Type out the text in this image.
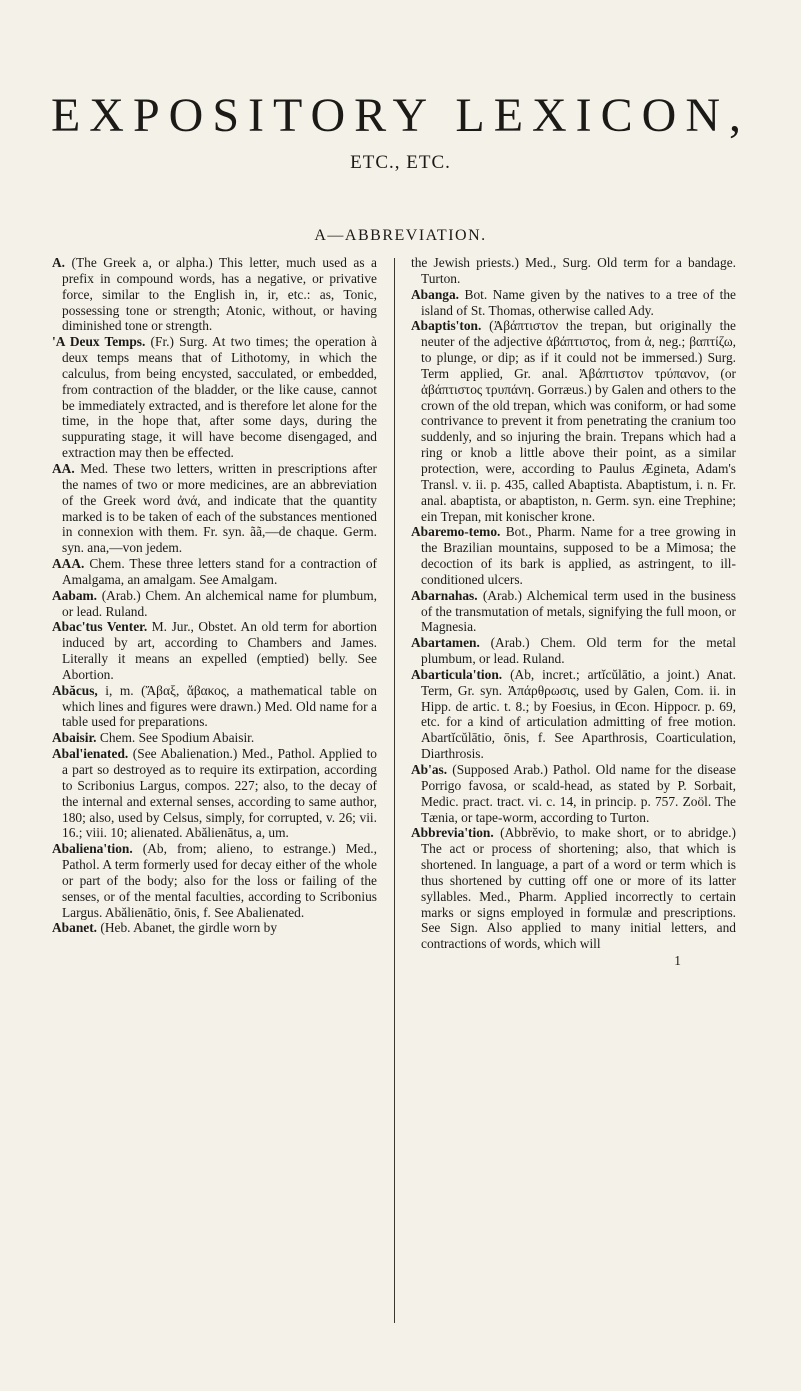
EXPOSITORY LEXICON,
ETC., ETC.
A—ABBREVIATION.

A. (The Greek a, or alpha.) This letter, much used as a prefix in compound words, has a negative, or privative force, similar to the English in, ir, etc.: as, Tonic, possessing tone or strength; Atonic, without, or having diminished tone or strength.

'A Deux Temps. (Fr.) Surg. At two times; the operation à deux temps means that of Lithotomy, in which the calculus, from being encysted, sacculated, or embedded, from contraction of the bladder, or the like cause, cannot be immediately extracted, and is therefore let alone for the time, in the hope that, after some days, during the suppurating stage, it will have become disengaged, and extraction may then be effected.

AA. Med. These two letters, written in prescriptions after the names of two or more medicines, are an abbreviation of the Greek word ἀνά, and indicate that the quantity marked is to be taken of each of the substances mentioned in connexion with them. Fr. syn. ãã,—de chaque. Germ. syn. ana,—von jedem.

AAA. Chem. These three letters stand for a contraction of Amalgama, an amalgam. See Amalgam.

Aabam. (Arab.) Chem. An alchemical name for plumbum, or lead. Ruland.

Abac'tus Venter. M. Jur., Obstet. An old term for abortion induced by art, according to Chambers and James. Literally it means an expelled (emptied) belly. See Abortion.

Abăcus, i, m. (Ἄβαξ, ἄβακος, a mathematical table on which lines and figures were drawn.) Med. Old name for a table used for preparations.

Abaisir. Chem. See Spodium Abaisir.

Abal'ienated. (See Abalienation.) Med., Pathol. Applied to a part so destroyed as to require its extirpation, according to Scribonius Largus, compos. 227; also, to the decay of the internal and external senses, according to same author, 180; also, used by Celsus, simply, for corrupted, v. 26; vii. 16.; viii. 10; alienated. Abălienātus, a, um.

Abaliena'tion. (Ab, from; alieno, to estrange.) Med., Pathol. A term formerly used for decay either of the whole or part of the body; also for the loss or failing of the senses, or of the mental faculties, according to Scribonius Largus. Abălienātio, ōnis, f. See Abalienated.

Abanet. (Heb. Abanet, the girdle worn by

the Jewish priests.) Med., Surg. Old term for a bandage. Turton.

Abanga. Bot. Name given by the natives to a tree of the island of St. Thomas, otherwise called Ady.

Abaptis'ton. (Ἀβάπτιστον the trepan, but originally the neuter of the adjective ἀβάπτιστος, from ἀ, neg.; βαπτίζω, to plunge, or dip; as if it could not be immersed.) Surg. Term applied, Gr. anal. Ἀβάπτιστον τρύπανον, (or ἀβάπτιστος τρυπάνη. Gorræus.) by Galen and others to the crown of the old trepan, which was coniform, or had some contrivance to prevent it from penetrating the cranium too suddenly, and so injuring the brain. Trepans which had a ring or knob a little above their point, as a similar protection, were, according to Paulus Ægineta, Adam's Transl. v. ii. p. 435, called Abaptista. Abaptistum, i. n. Fr. anal. abaptista, or abaptiston, n. Germ. syn. eine Trephine; ein Trepan, mit konischer krone.

Abaremo-temo. Bot., Pharm. Name for a tree growing in the Brazilian mountains, supposed to be a Mimosa; the decoction of its bark is applied, as astringent, to ill-conditioned ulcers.

Abarnahas. (Arab.) Alchemical term used in the business of the transmutation of metals, signifying the full moon, or Magnesia.

Abartamen. (Arab.) Chem. Old term for the metal plumbum, or lead. Ruland.

Abarticula'tion. (Ab, incret.; artĭcŭlātio, a joint.) Anat. Term, Gr. syn. Ἀπάρθρωσις, used by Galen, Com. ii. in Hipp. de artic. t. 8.; by Foesius, in Œcon. Hippocr. p. 69, etc. for a kind of articulation admitting of free motion. Abartĭcŭlātio, ōnis, f. See Aparthrosis, Coarticulation, Diarthrosis.

Ab'as. (Supposed Arab.) Pathol. Old name for the disease Porrigo favosa, or scald-head, as stated by P. Sorbait, Medic. pract. tract. vi. c. 14, in princip. p. 757. Zoöl. The Tænia, or tape-worm, according to Turton.

Abbrevia'tion. (Abbrĕvio, to make short, or to abridge.) The act or process of shortening; also, that which is shortened. In language, a part of a word or term which is thus shortened by cutting off one or more of its latter syllables. Med., Pharm. Applied incorrectly to certain marks or signs employed in formulæ and prescriptions. See Sign. Also applied to many initial letters, and contractions of words, which will

1
